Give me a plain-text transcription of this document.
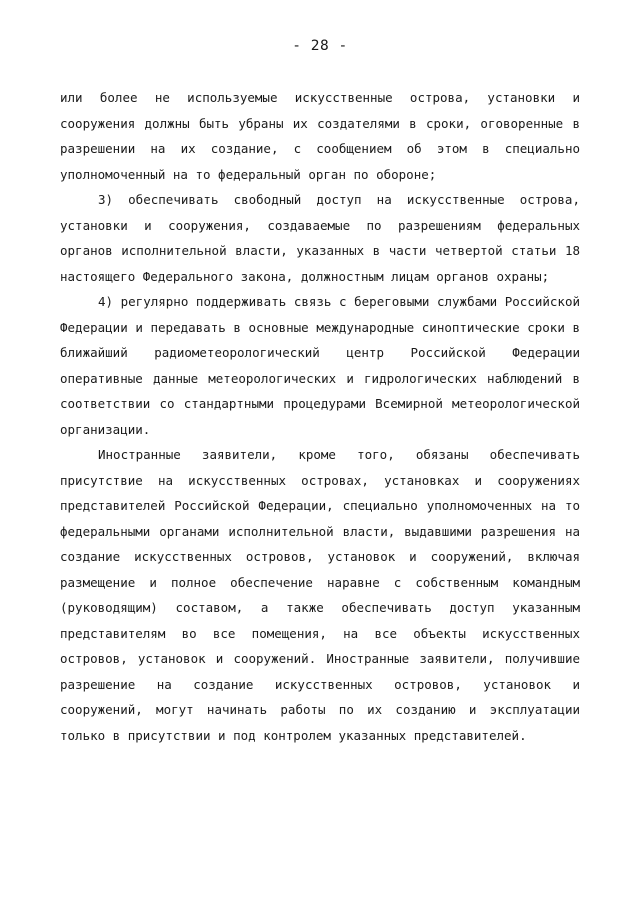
- 28 -

или более не используемые искусственные острова, установки и сооружения должны быть убраны их создателями в сроки, оговоренные в разрешении на их создание, с сообщением об этом в специально уполномоченный на то федеральный орган по обороне;

3) обеспечивать свободный доступ на искусственные острова, установки и сооружения, создаваемые по разрешениям федеральных органов исполнительной власти, указанных в части четвертой статьи 18 настоящего Федерального закона, должностным лицам органов охраны;

4) регулярно поддерживать связь с береговыми службами Российской Федерации и передавать в основные международные синоптические сроки в ближайший радиометеорологический центр Российской Федерации оперативные данные метеорологических и гидрологических наблюдений в соответствии со стандартными процедурами Всемирной метеорологической организации.

Иностранные заявители, кроме того, обязаны обеспечивать присутствие на искусственных островах, установках и сооружениях представителей Российской Федерации, специально уполномоченных на то федеральными органами исполнительной власти, выдавшими разрешения на создание искусственных островов, установок и сооружений, включая размещение и полное обеспечение наравне с собственным командным (руководящим) составом, а также обеспечивать доступ указанным представителям во все помещения, на все объекты искусственных островов, установок и сооружений. Иностранные заявители, получившие разрешение на создание искусственных островов, установок и сооружений, могут начинать работы по их созданию и эксплуатации только в присутствии и под контролем указанных представителей.
